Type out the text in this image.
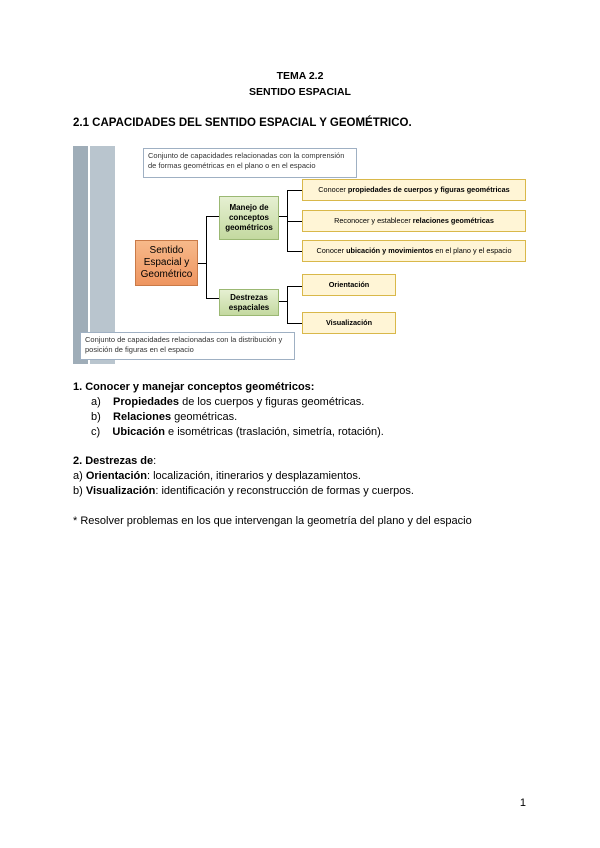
TEMA 2.2
SENTIDO ESPACIAL
2.1 CAPACIDADES DEL SENTIDO ESPACIAL Y GEOMÉTRICO.
Conjunto de capacidades relacionadas con la comprensión de formas geométricas en el plano o en el espacio
Sentido Espacial y Geométrico
Manejo de conceptos geométricos
Destrezas espaciales
Conocer propiedades de cuerpos y figuras geométricas
Reconocer y establecer relaciones geométricas
Conocer ubicación y movimientos en el plano y el espacio
Orientación
Visualización
Conjunto de capacidades relacionadas con la distribución y posición de figuras en el espacio
1. Conocer y manejar conceptos geométricos:
a) Propiedades de los cuerpos y figuras geométricas.
b) Relaciones geométricas.
c) Ubicación e isométricas (traslación, simetría, rotación).
2. Destrezas de:
a) Orientación: localización, itinerarios y desplazamientos.
b) Visualización: identificación y reconstrucción de formas y cuerpos.
* Resolver problemas en los que intervengan la geometría del plano y del espacio
1
